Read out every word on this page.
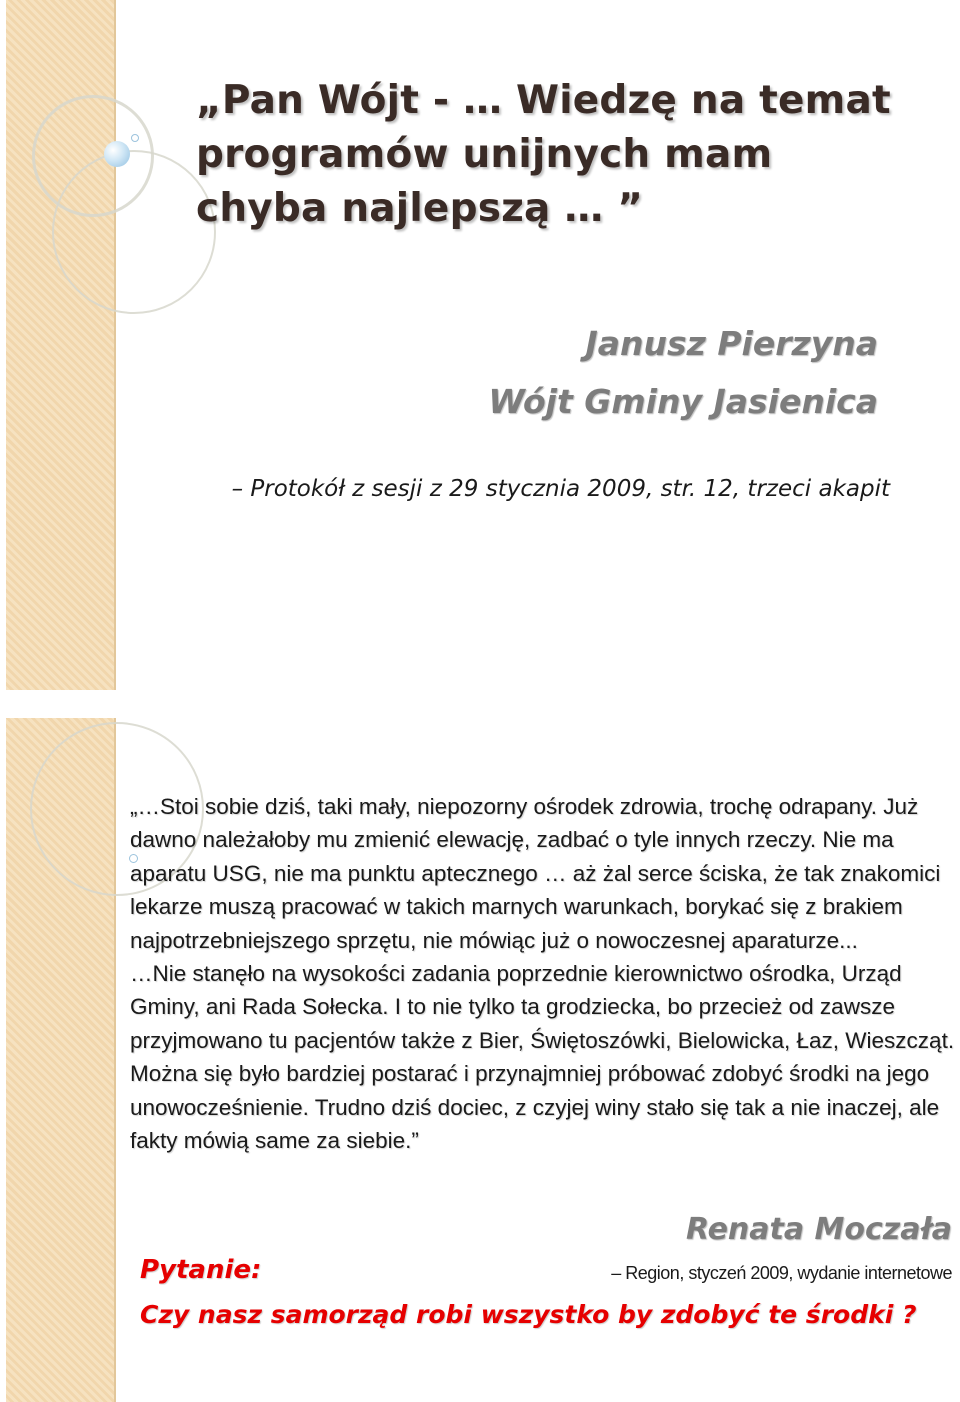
„Pan Wójt - … Wiedzę na temat programów unijnych mam chyba najlepszą … ”
Janusz Pierzyna
Wójt Gminy Jasienica
– Protokół z sesji z 29 stycznia 2009, str. 12, trzeci akapit

„…Stoi sobie dziś, taki mały, niepozorny ośrodek zdrowia, trochę odrapany. Już dawno należałoby mu zmienić elewację, zadbać o tyle innych rzeczy. Nie ma aparatu USG, nie ma punktu aptecznego … aż żal serce ściska, że tak znakomici lekarze muszą pracować w takich marnych warunkach, borykać się z brakiem najpotrzebniejszego sprzętu, nie mówiąc już o nowoczesnej aparaturze...
…Nie stanęło na wysokości zadania poprzednie kierownictwo ośrodka, Urząd Gminy, ani Rada Sołecka. I to nie tylko ta grodziecka, bo przecież od zawsze przyjmowano tu pacjentów także z Bier, Świętoszówki, Bielowicka, Łaz, Wieszcząt. Można się było bardziej postarać i przynajmniej próbować zdobyć środki na jego unowocześnienie. Trudno dziś dociec, z czyjej winy stało się tak a nie inaczej, ale fakty mówią same za siebie.”

Renata Moczała
Pytanie:	– Region, styczeń 2009, wydanie internetowe
Czy nasz samorząd robi wszystko by zdobyć te środki ?
